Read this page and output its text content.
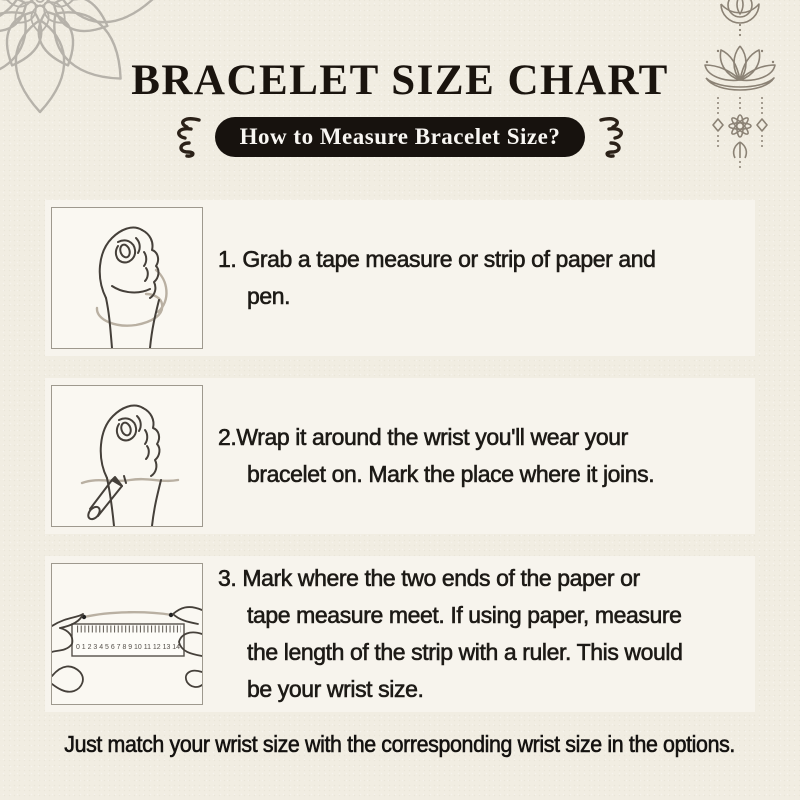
BRACELET SIZE CHART
How to Measure Bracelet Size?

1. Grab a tape measure or strip of paper and

pen.

2.Wrap it around the wrist you'll wear your

bracelet on. Mark the place where it joins.

0 1 2 3 4 5 6 7 8 9 10 11 12 13 14

3. Mark where the two ends of the paper or

tape measure meet. If using paper, measure

the length of the strip with a ruler. This would

be your wrist size.

Just match your wrist size with the corresponding wrist size in the options.
